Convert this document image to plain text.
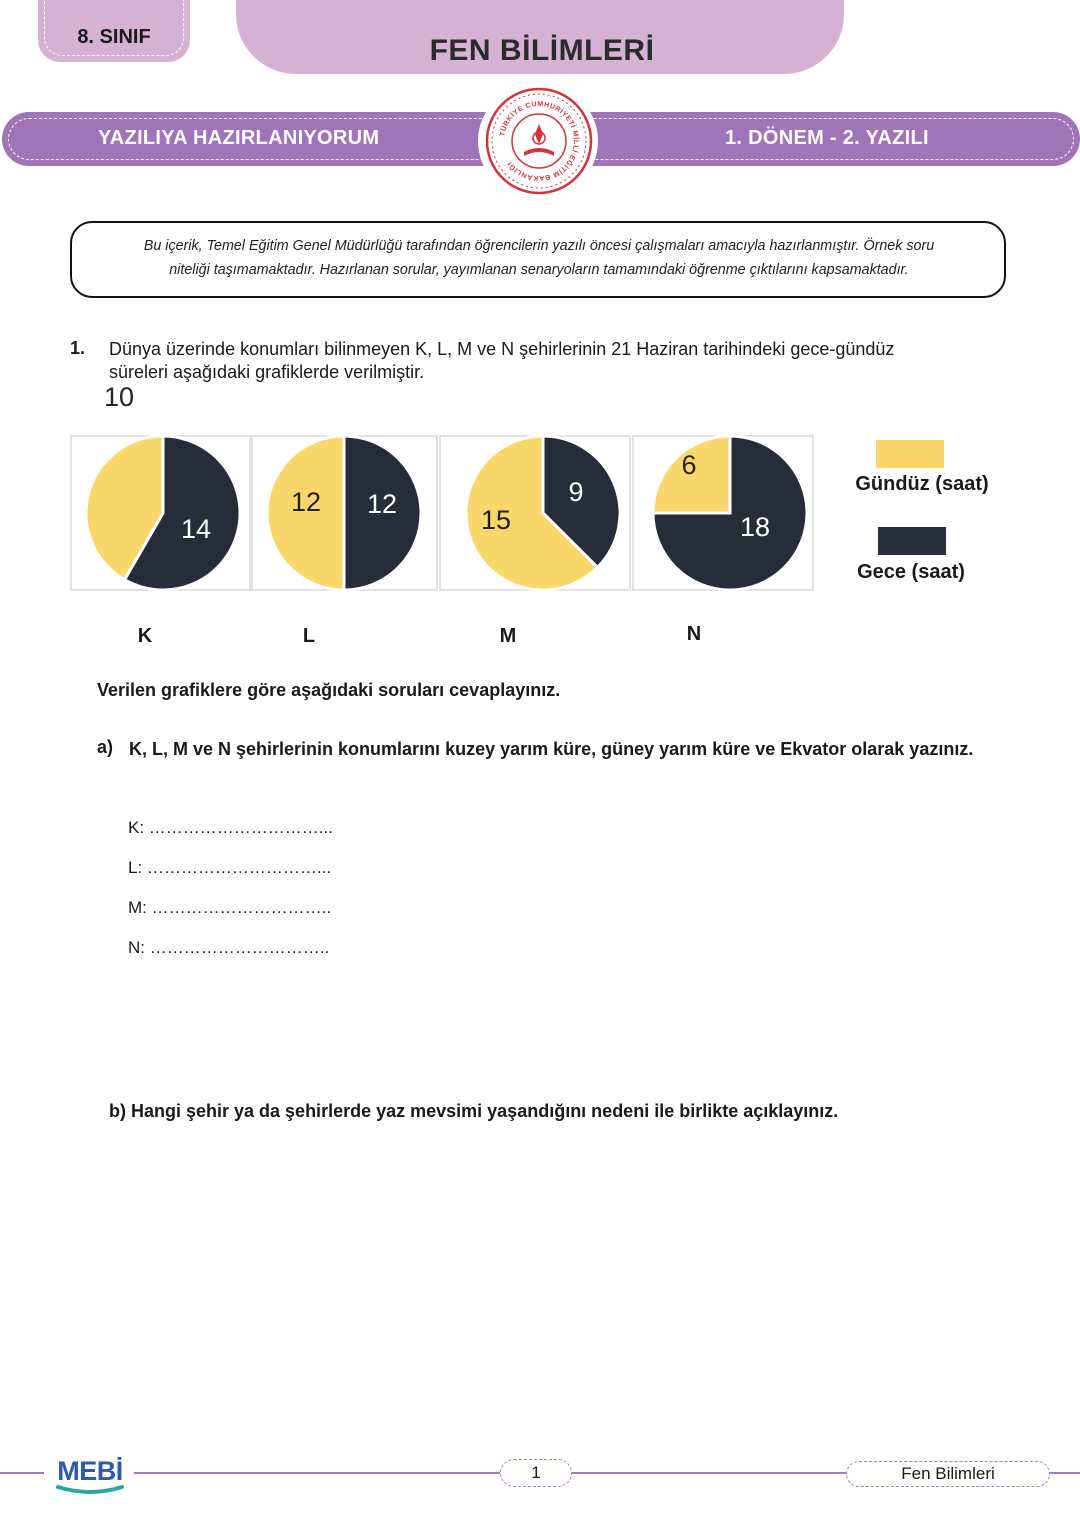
8. SINIF	FEN BİLİMLERİ
YAZILIYA HAZIRLANIYORUM	1. DÖNEM - 2. YAZILI
TÜRKİYE CUMHURİYETİ MİLLİ EĞİTİM BAKANLIĞI
☾
Bu içerik, Temel Eğitim Genel Müdürlüğü tarafından öğrencilerin yazılı öncesi çalışmaları amacıyla hazırlanmıştır. Örnek soru
niteliği taşımamaktadır. Hazırlanan sorular, yayımlanan senaryoların tamamındaki öğrenme çıktılarını kapsamaktadır.
1. Dünya üzerinde konumları bilinmeyen K, L, M ve N şehirlerinin 21 Haziran tarihindeki gece-gündüz
süreleri aşağıdaki grafiklerde verilmiştir.
10
14
K
12 12
L
15
9
M
6
18
N
Gündüz (saat)
Gece (saat)
Verilen grafiklere göre aşağıdaki soruları cevaplayınız.
a) K, L, M ve N şehirlerinin konumlarını kuzey yarım küre, güney yarım küre ve Ekvator olarak yazınız.
K: …………………………...
L: …………………………...
M: …………………………..
N: …………………………..
b) Hangi şehir ya da şehirlerde yaz mevsimi yaşandığını nedeni ile birlikte açıklayınız.
MEBİ	1	Fen Bilimleri
